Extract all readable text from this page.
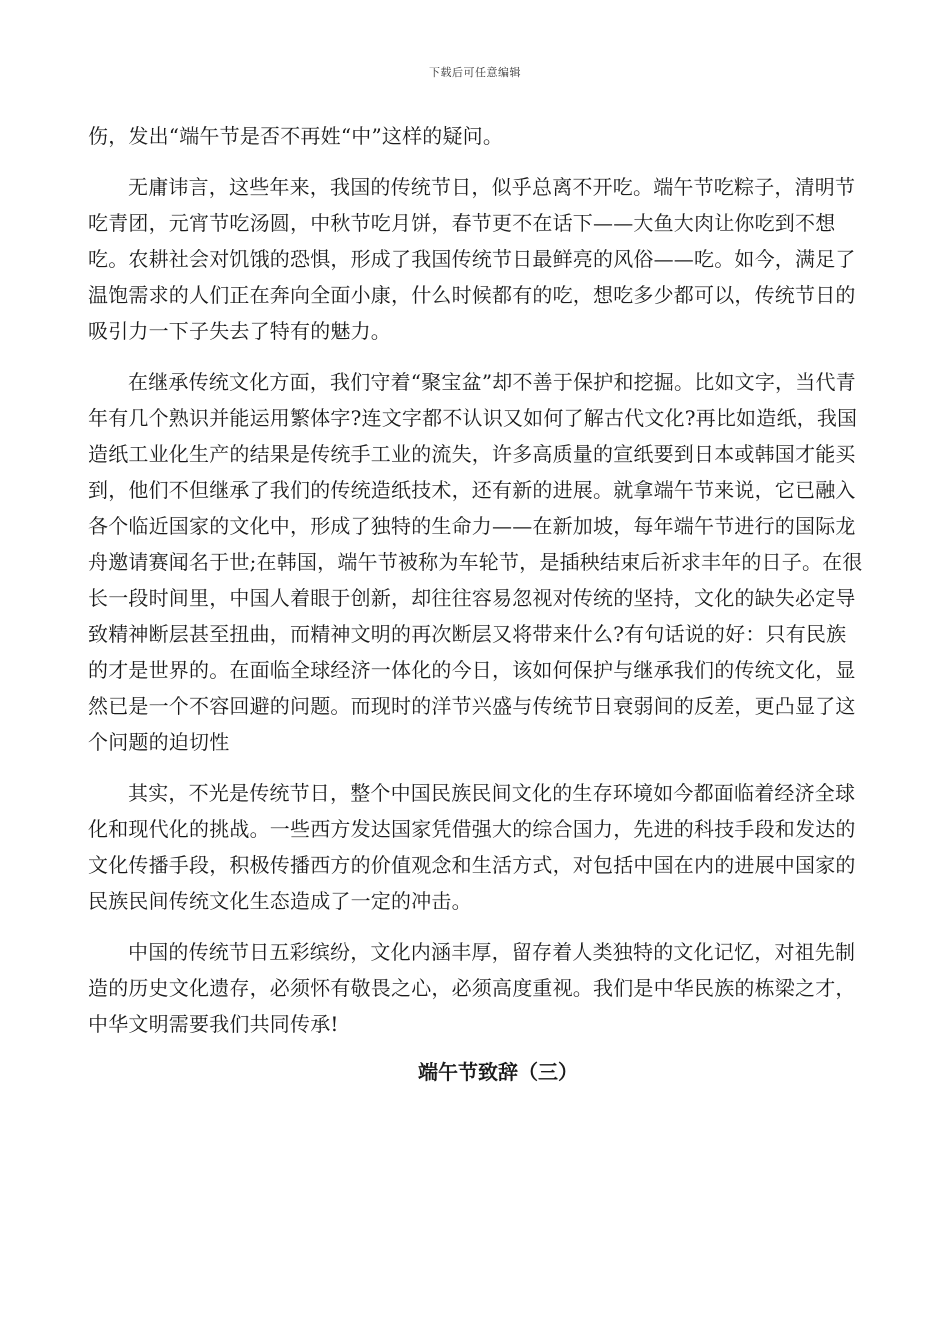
下载后可任意编辑

伤，发出“端午节是否不再姓“中”这样的疑问。

无庸讳言，这些年来，我国的传统节日，似乎总离不开吃。端午节吃粽子，清明节吃青团，元宵节吃汤圆，中秋节吃月饼，春节更不在话下——大鱼大肉让你吃到不想吃。农耕社会对饥饿的恐惧，形成了我国传统节日最鲜亮的风俗——吃。如今，满足了温饱需求的人们正在奔向全面小康，什么时候都有的吃，想吃多少都可以，传统节日的吸引力一下子失去了特有的魅力。

在继承传统文化方面，我们守着“聚宝盆”却不善于保护和挖掘。比如文字，当代青年有几个熟识并能运用繁体字?连文字都不认识又如何了解古代文化?再比如造纸，我国造纸工业化生产的结果是传统手工业的流失，许多高质量的宣纸要到日本或韩国才能买到，他们不但继承了我们的传统造纸技术，还有新的进展。就拿端午节来说，它已融入各个临近国家的文化中，形成了独特的生命力——在新加坡，每年端午节进行的国际龙舟邀请赛闻名于世;在韩国，端午节被称为车轮节，是插秧结束后祈求丰年的日子。在很长一段时间里，中国人着眼于创新，却往往容易忽视对传统的坚持，文化的缺失必定导致精神断层甚至扭曲，而精神文明的再次断层又将带来什么?有句话说的好：只有民族的才是世界的。在面临全球经济一体化的今日，该如何保护与继承我们的传统文化，显然已是一个不容回避的问题。而现时的洋节兴盛与传统节日衰弱间的反差，更凸显了这个问题的迫切性

其实，不光是传统节日，整个中国民族民间文化的生存环境如今都面临着经济全球化和现代化的挑战。一些西方发达国家凭借强大的综合国力，先进的科技手段和发达的文化传播手段，积极传播西方的价值观念和生活方式，对包括中国在内的进展中国家的民族民间传统文化生态造成了一定的冲击。

中国的传统节日五彩缤纷，文化内涵丰厚，留存着人类独特的文化记忆，对祖先制造的历史文化遗存，必须怀有敬畏之心，必须高度重视。我们是中华民族的栋梁之才，中华文明需要我们共同传承!

端午节致辞（三）
